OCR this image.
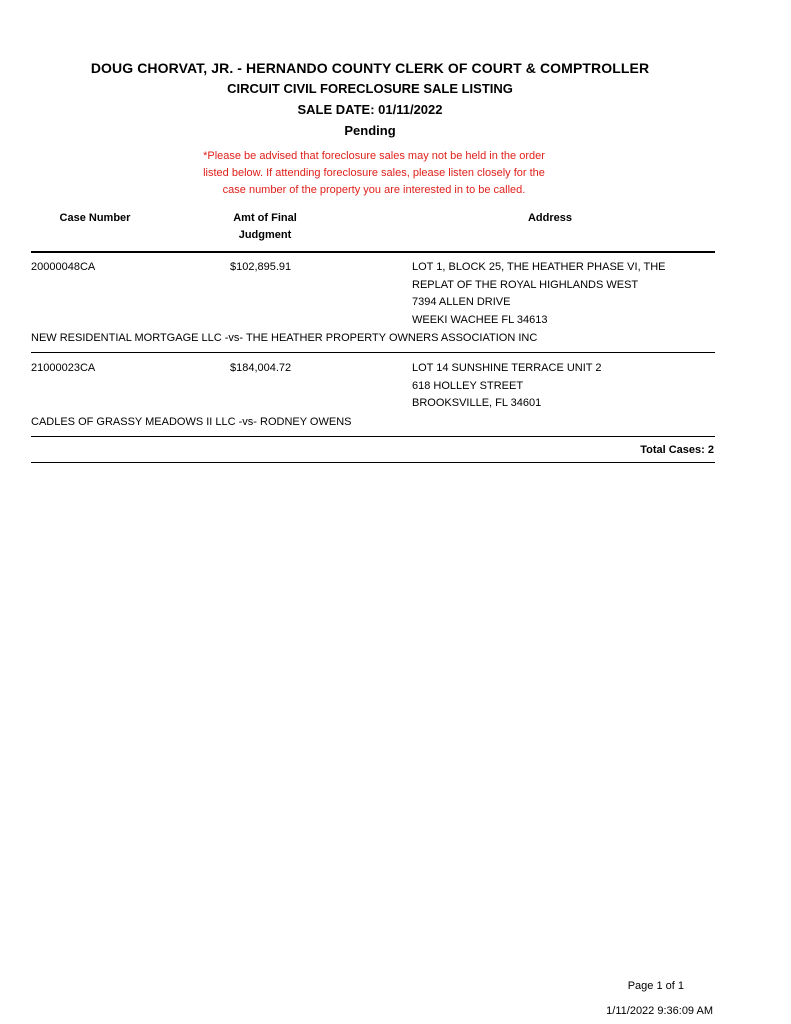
DOUG CHORVAT, JR. - HERNANDO COUNTY CLERK OF COURT & COMPTROLLER
CIRCUIT CIVIL FORECLOSURE SALE LISTING
SALE DATE: 01/11/2022
Pending
*Please be advised that foreclosure sales may not be held in the order
listed below. If attending foreclosure sales, please listen closely for the
case number of the property you are interested in to be called.
Case Number	Amt of Final
Judgment
Address
20000048CA	$102,895.91	LOT 1, BLOCK 25, THE HEATHER PHASE VI, THE
REPLAT OF THE ROYAL HIGHLANDS WEST
7394 ALLEN DRIVE
WEEKI WACHEE FL 34613
NEW RESIDENTIAL MORTGAGE LLC -vs- THE HEATHER PROPERTY OWNERS ASSOCIATION INC
21000023CA	$184,004.72	LOT 14 SUNSHINE TERRACE UNIT 2
618 HOLLEY STREET
BROOKSVILLE, FL 34601
CADLES OF GRASSY MEADOWS II LLC -vs- RODNEY OWENS
Total Cases: 2
Page 1 of 1
1/11/2022 9:36:09 AM
